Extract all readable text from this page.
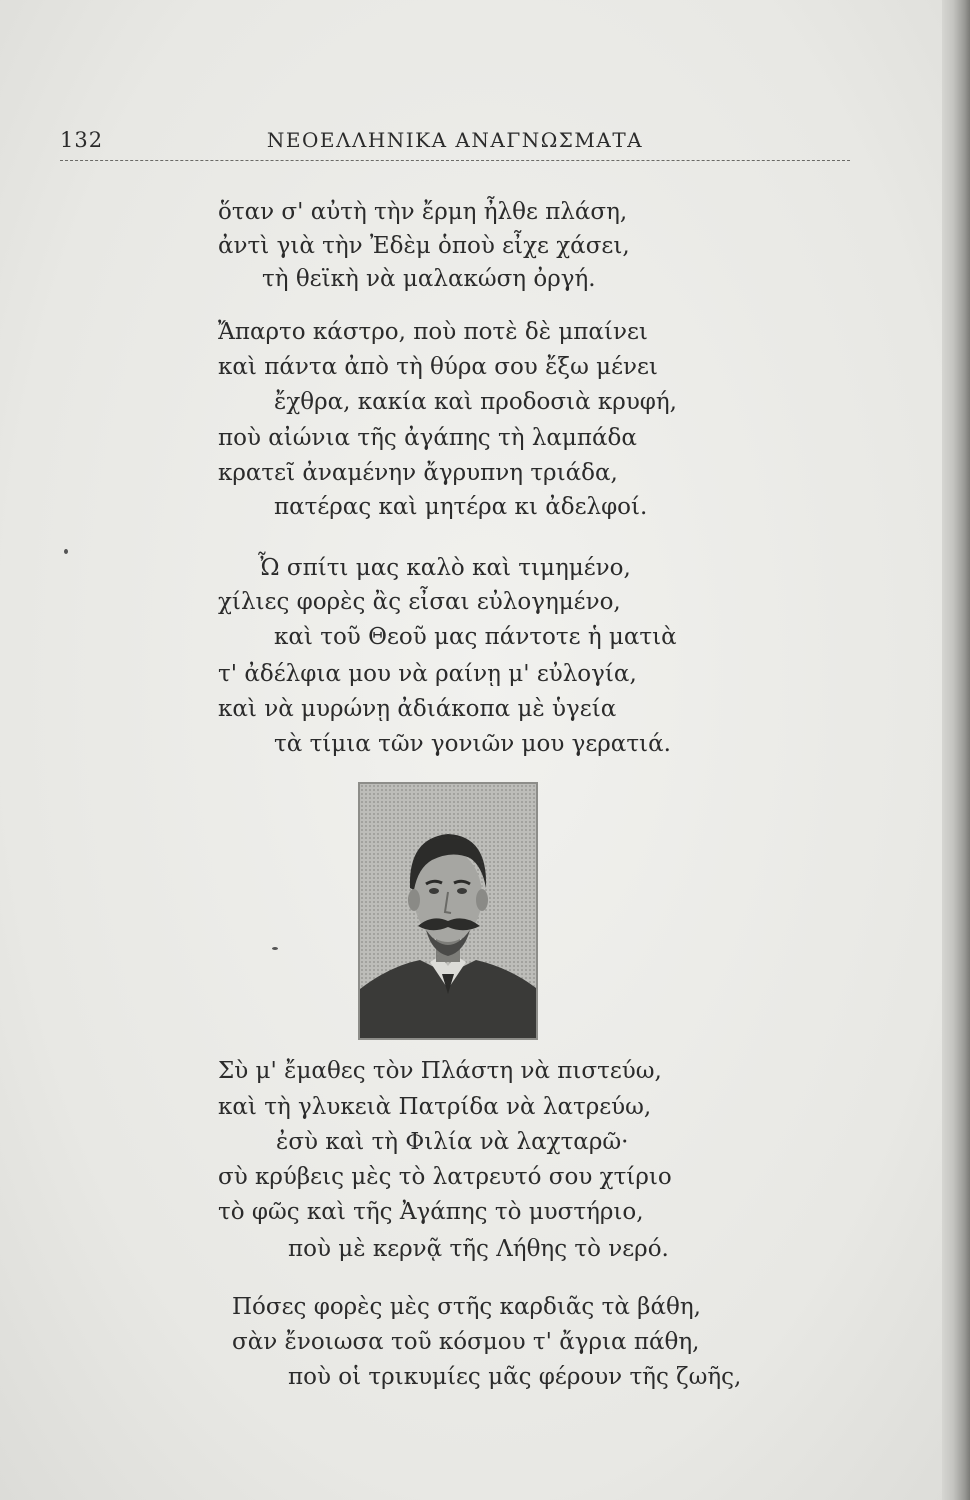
132	ΝΕΟΕΛΛΗΝΙΚΑ ΑΝΑΓΝΩΣΜΑΤΑ
ὅταν σ' αὐτὴ τὴν ἔρμη ἦλθε πλάση,
ἀντὶ γιὰ τὴν Ἐδὲμ ὁποὺ εἶχε χάσει,
τὴ θεϊκὴ νὰ μαλακώση ὀργή.
Ἄπαρτο κάστρο, ποὺ ποτὲ δὲ μπαίνει
καὶ πάντα ἀπὸ τὴ θύρα σου ἔξω μένει
ἔχθρα, κακία καὶ προδοσιὰ κρυφή,
ποὺ αἰώνια τῆς ἀγάπης τὴ λαμπάδα
κρατεῖ ἀναμένην ἄγρυπνη τριάδα,
πατέρας καὶ μητέρα κι ἀδελφοί.
Ὦ σπίτι μας καλὸ καὶ τιμημένο,
χίλιες φορὲς ἂς εἶσαι εὐλογημένο,
καὶ τοῦ Θεοῦ μας πάντοτε ἡ ματιὰ
τ' ἀδέλφια μου νὰ ραίνῃ μ' εὐλογία,
καὶ νὰ μυρώνῃ ἀδιάκοπα μὲ ὑγεία
τὰ τίμια τῶν γονιῶν μου γερατιά.
Σὺ μ' ἔμαθες τὸν Πλάστη νὰ πιστεύω,
καὶ τὴ γλυκειὰ Πατρίδα νὰ λατρεύω,
ἐσὺ καὶ τὴ Φιλία νὰ λαχταρῶ·
σὺ κρύβεις μὲς τὸ λατρευτό σου χτίριο
τὸ φῶς καὶ τῆς Ἀγάπης τὸ μυστήριο,
ποὺ μὲ κερνᾷ τῆς Λήθης τὸ νερό.
Πόσες φορὲς μὲς στῆς καρδιᾶς τὰ βάθη,
σὰν ἔνοιωσα τοῦ κόσμου τ' ἄγρια πάθη,
ποὺ οἱ τρικυμίες μᾶς φέρουν τῆς ζωῆς,
